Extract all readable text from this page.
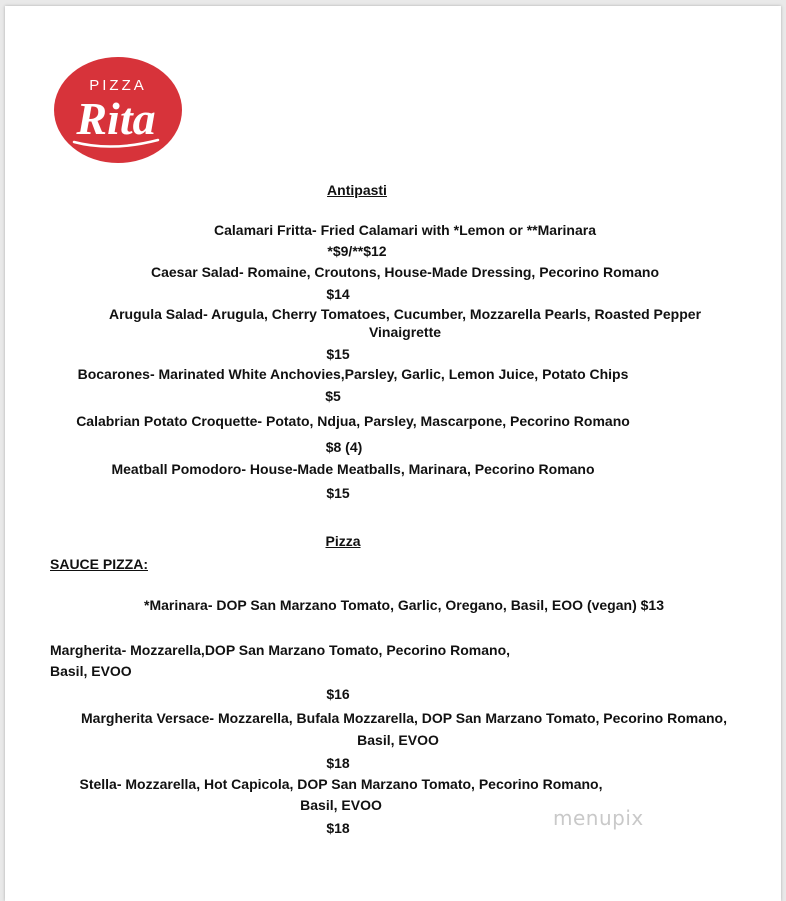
PIZZA
Rita
Antipasti
Calamari Fritta- Fried Calamari with *Lemon or **Marinara
*$9/**$12
Caesar Salad- Romaine, Croutons, House-Made Dressing, Pecorino Romano
$14
Arugula Salad- Arugula, Cherry Tomatoes, Cucumber, Mozzarella Pearls, Roasted Pepper
Vinaigrette
$15
Bocarones- Marinated White Anchovies,Parsley, Garlic, Lemon Juice, Potato Chips
$5
Calabrian Potato Croquette- Potato, Ndjua, Parsley, Mascarpone, Pecorino Romano
$8 (4)
Meatball Pomodoro- House-Made Meatballs, Marinara, Pecorino Romano
$15
Pizza
SAUCE PIZZA:
*Marinara- DOP San Marzano Tomato, Garlic, Oregano, Basil, EOO (vegan) $13
Margherita- Mozzarella,DOP San Marzano Tomato, Pecorino Romano,
Basil, EVOO
$16
Margherita Versace- Mozzarella, Bufala Mozzarella, DOP San Marzano Tomato, Pecorino Romano,
Basil, EVOO
$18
Stella- Mozzarella, Hot Capicola, DOP San Marzano Tomato, Pecorino Romano,
Basil, EVOO
$18	menupix
